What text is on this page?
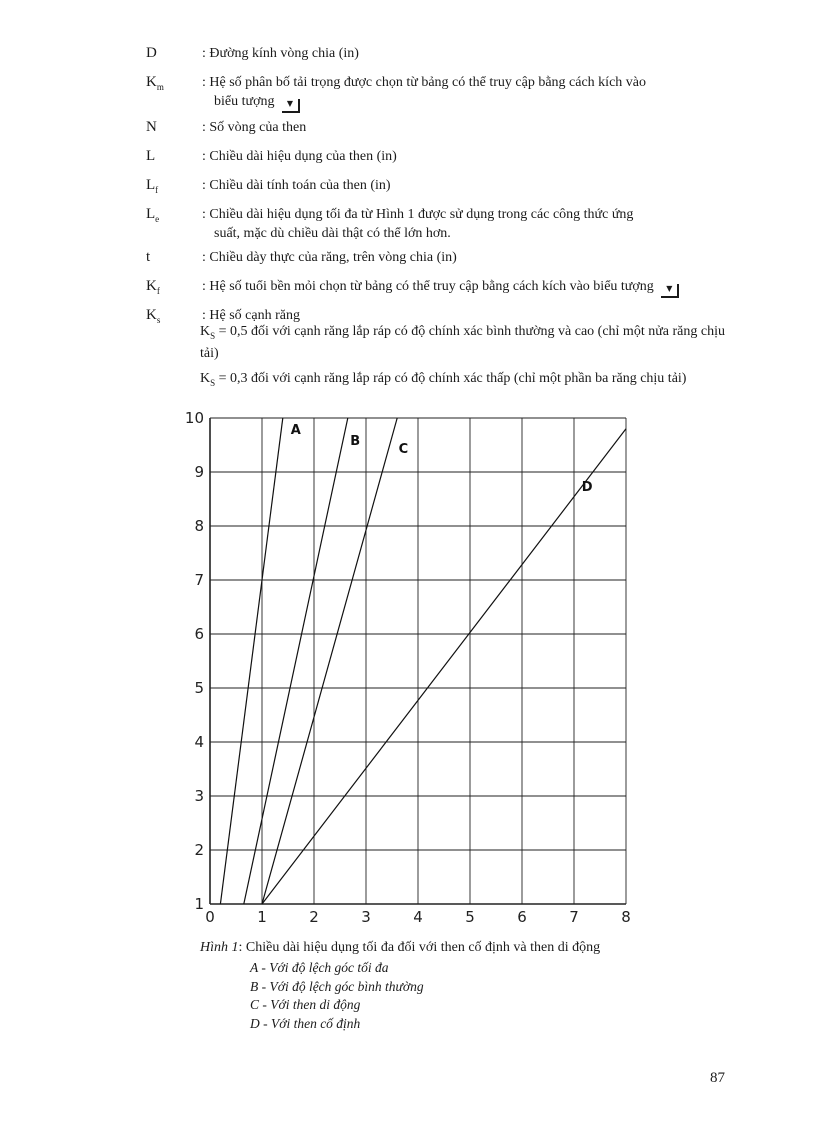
D	: Đường kính vòng chia (in)
$K_m$	: Hệ số phân bố tải trọng được chọn từ bảng có thể truy cập bằng cách kích vào
biểu tượng ▼
N	: Số vòng của then
L	: Chiều dài hiệu dụng của then (in)
$L_f$	: Chiều dài tính toán của then (in)
$L_e$	: Chiều dài hiệu dụng tối đa từ Hình 1 được sử dụng trong các công thức ứng
suất, mặc dù chiều dài thật có thể lớn hơn.
t	: Chiều dày thực của răng, trên vòng chia (in)
$K_f$	: Hệ số tuổi bền mỏi chọn từ bảng có thể truy cập bằng cách kích vào biểu tượng ▼
$K_s$	: Hệ số cạnh răng

$K_S = 0,5$ đối với cạnh răng lắp ráp có độ chính xác bình thường và cao (chỉ một nửa răng chịu tải)

$K_S = 0,3$ đối với cạnh răng lắp ráp có độ chính xác thấp (chỉ một phần ba răng chịu tải)

0	1	2	3	4	5	6	7	8
1
2
3
4
5
6
7
8
9
10
A
B
C
D
Hình 1: Chiều dài hiệu dụng tối đa đối với then cố định và then di động
A - Với độ lệch góc tối đa
B - Với độ lệch góc bình thường
C - Với then di động
D - Với then cố định
87
